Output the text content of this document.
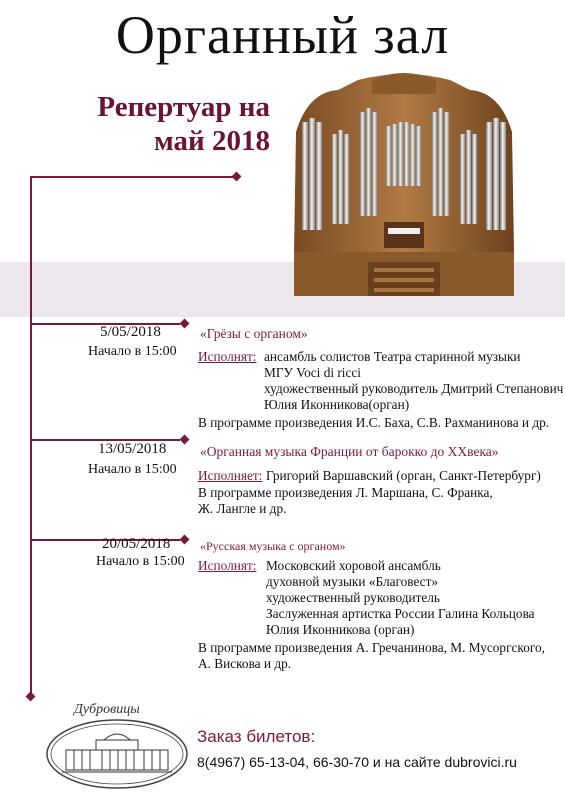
Органный зал
Репертуар на
май 2018
5/05/2018
Начало в 15:00
«Грёзы с органом»
Исполнят: ансамбль солистов Театра старинной музыки
МГУ Voci di ricci
художественный руководитель Дмитрий Степанович
Юлия Иконникова(орган)
В программе произведения И.С. Баха, С.В. Рахманинова и др.
13/05/2018
Начало в 15:00
«Органная музыка Франции от барокко до XXвека»
Исполняет: Григорий Варшавский (орган, Санкт-Петербург)
В программе произведения Л. Маршана, С. Франка,
Ж. Лангле и др.
20/05/2018
Начало в 15:00
«Русская музыка с органом»
Исполнят: Московский хоровой ансамбль
духовной музыки «Благовест»
художественный руководитель
Заслуженная артистка России Галина Кольцова
Юлия Иконникова (орган)
В программе произведения А. Гречанинова, М. Мусоргского,
А. Вискова и др.
Дубровицы
Заказ билетов:
8(4967) 65-13-04, 66-30-70 и на сайте dubrovici.ru
